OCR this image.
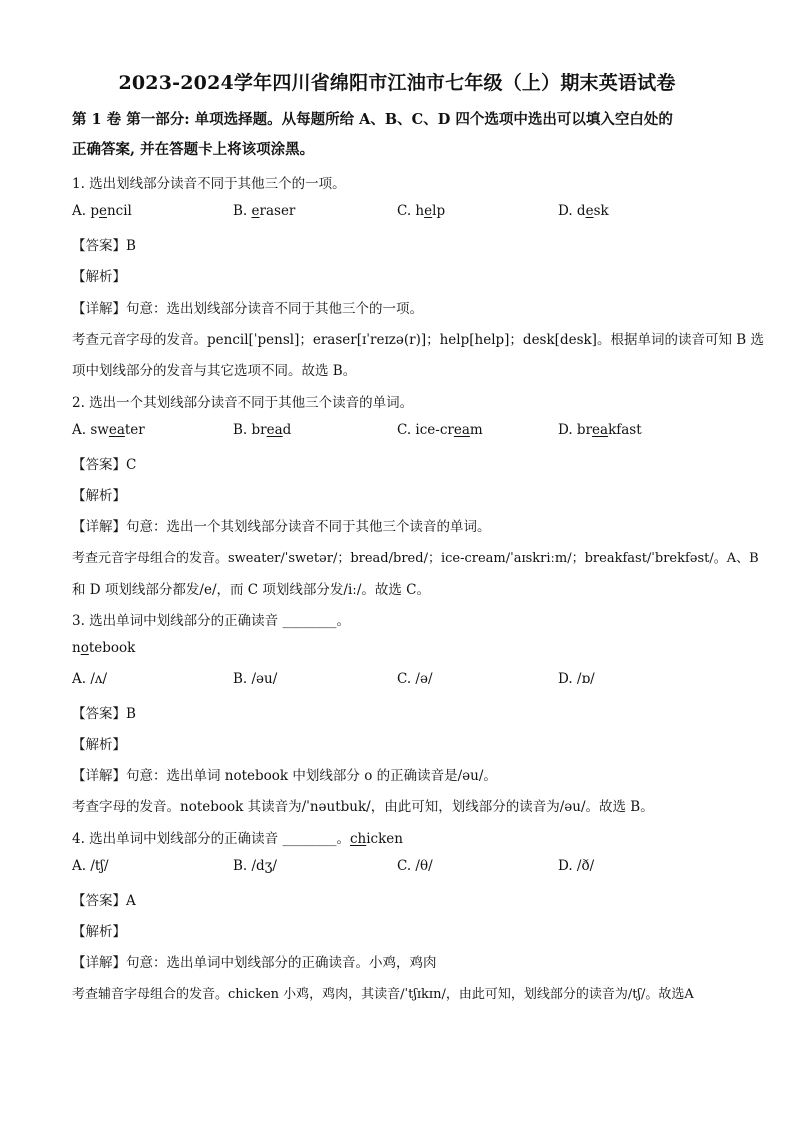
2023-2024学年四川省绵阳市江油市七年级（上）期末英语试卷
第 1 卷 第一部分: 单项选择题。从每题所给 A、B、C、D 四个选项中选出可以填入空白处的
正确答案, 并在答题卡上将该项涂黑。
1. 选出划线部分读音不同于其他三个的一项。
A. pencil	B. eraser	C. help	D. desk
【答案】B
【解析】
【详解】句意：选出划线部分读音不同于其他三个的一项。
考查元音字母的发音。pencil[ˈpensl]；eraser[ɪˈreɪzə(r)]；help[help]；desk[desk]。根据单词的读音可知 B 选
项中划线部分的发音与其它选项不同。故选 B。
2. 选出一个其划线部分读音不同于其他三个读音的单词。
A. sweater	B. bread	C. ice-cream	D. breakfast
【答案】C
【解析】
【详解】句意：选出一个其划线部分读音不同于其他三个读音的单词。
考查元音字母组合的发音。sweater/ˈswetər/；bread/bred/；ice-cream/ˈaɪskriːm/；breakfast/ˈbrekfəst/。A、B
和 D 项划线部分都发/e/，而 C 项划线部分发/iː/。故选 C。
3. 选出单词中划线部分的正确读音 ________。
notebook
A. /ʌ/	B. /əu/	C. /ə/	D. /ɒ/
【答案】B
【解析】
【详解】句意：选出单词 notebook 中划线部分 o 的正确读音是/əu/。
考查字母的发音。notebook 其读音为/ˈnəutbuk/，由此可知，划线部分的读音为/əu/。故选 B。
4. 选出单词中划线部分的正确读音 ________。chicken
A. /tʃ/	B. /dʒ/	C. /θ/	D. /ð/
【答案】A
【解析】
【详解】句意：选出单词中划线部分的正确读音。小鸡，鸡肉
考查辅音字母组合的发音。chicken 小鸡，鸡肉，其读音/ˈtʃɪkɪn/，由此可知，划线部分的读音为/tʃ/。故选A
